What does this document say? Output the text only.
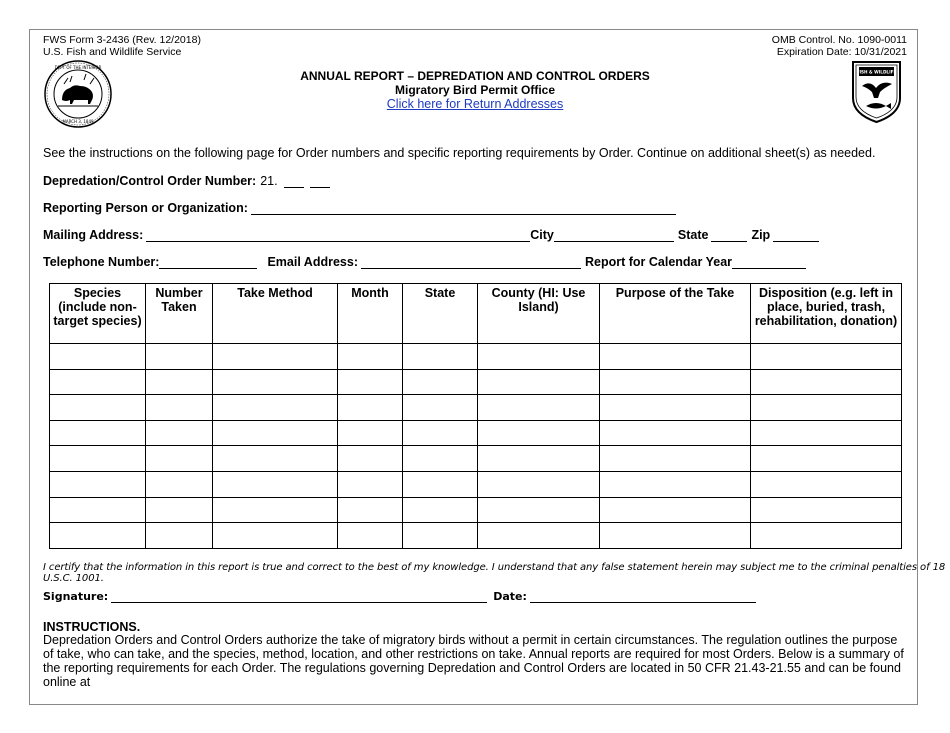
FWS Form 3-2436 (Rev. 12/2018)
U.S. Fish and Wildlife Service
OMB Control. No. 1090-0011
Expiration Date: 10/31/2021
DEPT OF THE INTERIOR
MARCH 3, 1849
FISH & WILDLIFE
ANNUAL REPORT – DEPREDATION AND CONTROL ORDERS
Migratory Bird Permit Office
Click here for Return Addresses
See the instructions on the following page for Order numbers and specific reporting requirements by Order. Continue on additional sheet(s) as needed.
Depredation/Control Order Number: 21.
Reporting Person or Organization:
Mailing Address:	City	State	Zip
Telephone Number:	Email Address:	Report for Calendar Year
Species (include non-target species)	Number Taken	Take Method	Month	State	County (HI: Use Island)	Purpose of the Take	Disposition (e.g. left in place, buried, trash, rehabilitation, donation)

I certify that the information in this report is true and correct to the best of my knowledge. I understand that any false statement herein may subject me to the criminal penalties of 18 U.S.C. 1001.
Signature:	Date:
INSTRUCTIONS.
Depredation Orders and Control Orders authorize the take of migratory birds without a permit in certain circumstances. The regulation outlines the purpose of take, who can take, and the species, method, location, and other restrictions on take. Annual reports are required for most Orders. Below is a summary of the reporting requirements for each Order. The regulations governing Depredation and Control Orders are located in 50 CFR 21.43-21.55 and can be found online at
